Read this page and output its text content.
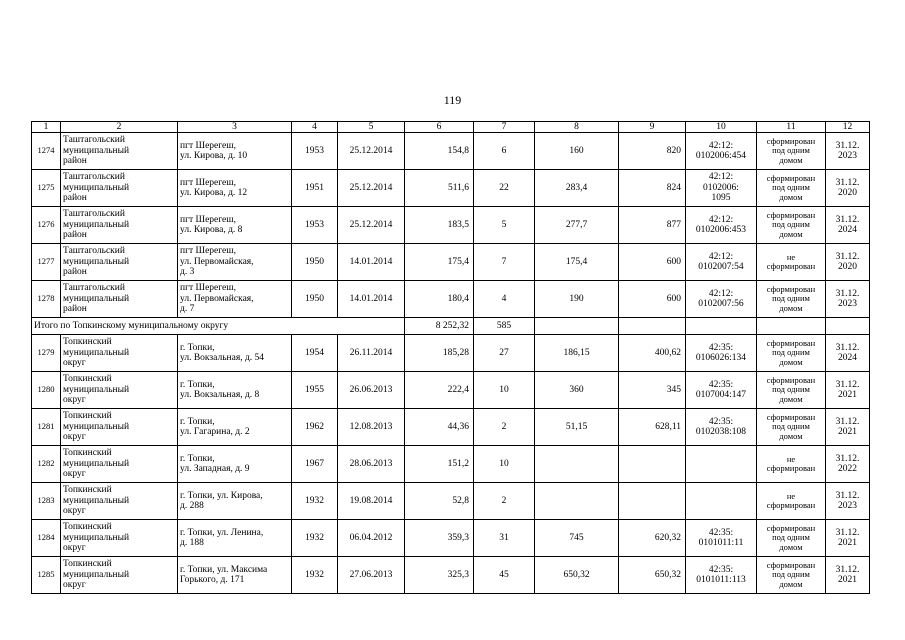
119
1	2	3	4	5	6	7	8	9	10	11	12
1274	Таштагольский
муниципальный
район	пгт Шерегеш,
ул. Кирова, д. 10	1953	25.12.2014	154,8	6	160	820	42:12:
0102006:454	сформирован
под одним
домом	31.12.
2023
1275	Таштагольский
муниципальный
район	пгт Шерегеш,
ул. Кирова, д. 12	1951	25.12.2014	511,6	22	283,4	824	42:12:
0102006:
1095	сформирован
под одним
домом	31.12.
2020
1276	Таштагольский
муниципальный
район	пгт Шерегеш,
ул. Кирова, д. 8	1953	25.12.2014	183,5	5	277,7	877	42:12:
0102006:453	сформирован
под одним
домом	31.12.
2024
1277	Таштагольский
муниципальный
район	пгт Шерегеш,
ул. Первомайская,
д. 3	1950	14.01.2014	175,4	7	175,4	600	42:12:
0102007:54	не
сформирован	31.12.
2020
1278	Таштагольский
муниципальный
район	пгт Шерегеш,
ул. Первомайская,
д. 7	1950	14.01.2014	180,4	4	190	600	42:12:
0102007:56	сформирован
под одним
домом	31.12.
2023
Итого по Топкинскому муниципальному округу					8 252,32	585					
1279	Топкинский
муниципальный
округ	г. Топки,
ул. Вокзальная, д. 54	1954	26.11.2014	185,28	27	186,15	400,62	42:35:
0106026:134	сформирован
под одним
домом	31.12.
2024
1280	Топкинский
муниципальный
округ	г. Топки,
ул. Вокзальная, д. 8	1955	26.06.2013	222,4	10	360	345	42:35:
0107004:147	сформирован
под одним
домом	31.12.
2021
1281	Топкинский
муниципальный
округ	г. Топки,
ул. Гагарина, д. 2	1962	12.08.2013	44,36	2	51,15	628,11	42:35:
0102038:108	сформирован
под одним
домом	31.12.
2021
1282	Топкинский
муниципальный
округ	г. Топки,
ул. Западная, д. 9	1967	28.06.2013	151,2	10				не
сформирован	31.12.
2022
1283	Топкинский
муниципальный
округ	г. Топки, ул. Кирова,
д. 288	1932	19.08.2014	52,8	2				не
сформирован	31.12.
2023
1284	Топкинский
муниципальный
округ	г. Топки, ул. Ленина,
д. 188	1932	06.04.2012	359,3	31	745	620,32	42:35:
0101011:11	сформирован
под одним
домом	31.12.
2021
1285	Топкинский
муниципальный
округ	г. Топки, ул. Максима
Горького, д. 171	1932	27.06.2013	325,3	45	650,32	650,32	42:35:
0101011:113	сформирован
под одним
домом	31.12.
2021
